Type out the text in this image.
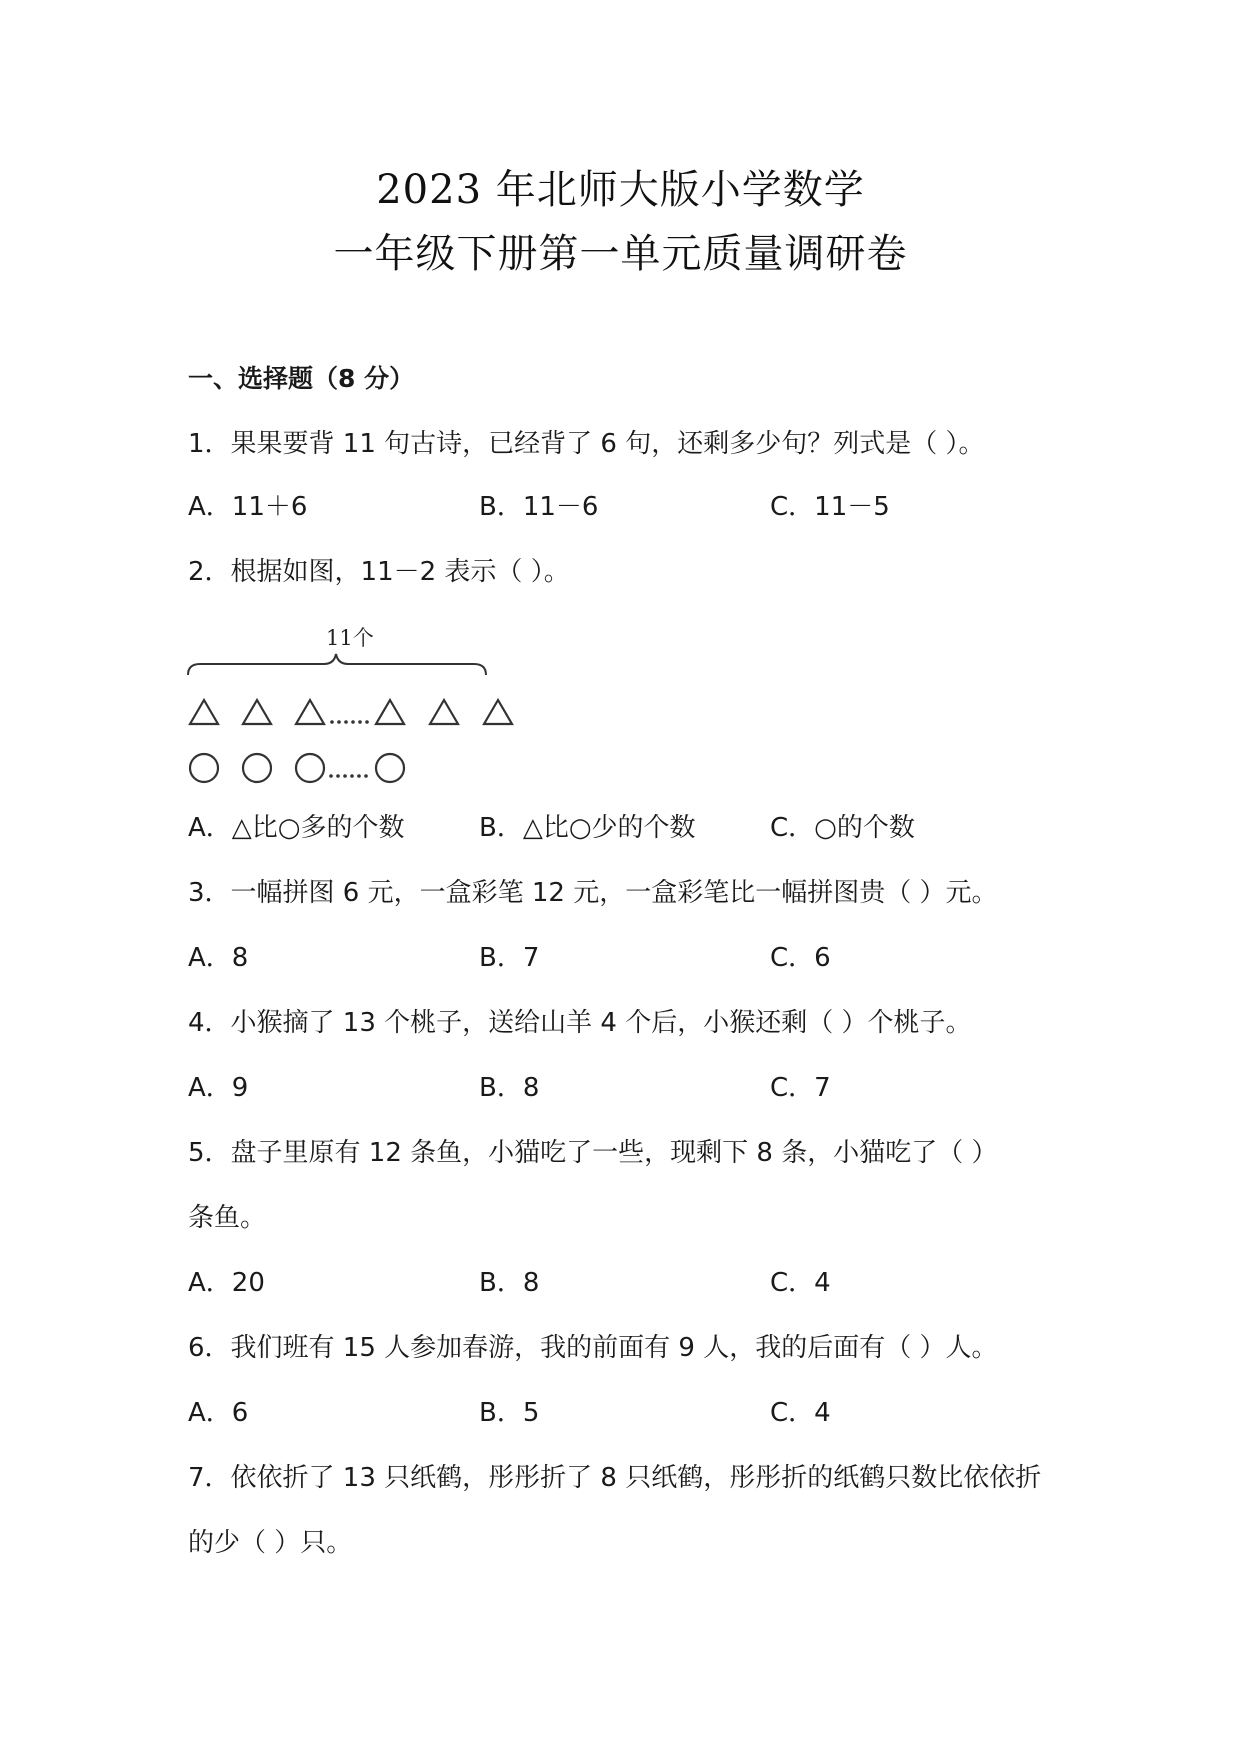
2023 年北师大版小学数学
一年级下册第一单元质量调研卷
一、选择题（8 分）
1．果果要背 11 句古诗，已经背了 6 句，还剩多少句？列式是（ ）。
A．11＋6	B．11－6	C．11－5
2．根据如图，11－2 表示（ ）。
11个
A．△比○多的个数	B．△比○少的个数	C．○的个数
3．一幅拼图 6 元，一盒彩笔 12 元，一盒彩笔比一幅拼图贵（ ）元。
A．8	B．7	C．6
4．小猴摘了 13 个桃子，送给山羊 4 个后，小猴还剩（ ）个桃子。
A．9	B．8	C．7
5．盘子里原有 12 条鱼，小猫吃了一些，现剩下 8 条，小猫吃了（ ）
条鱼。
A．20	B．8	C．4
6．我们班有 15 人参加春游，我的前面有 9 人，我的后面有（ ）人。
A．6	B．5	C．4
7．依依折了 13 只纸鹤，彤彤折了 8 只纸鹤，彤彤折的纸鹤只数比依依折
的少（ ）只。
